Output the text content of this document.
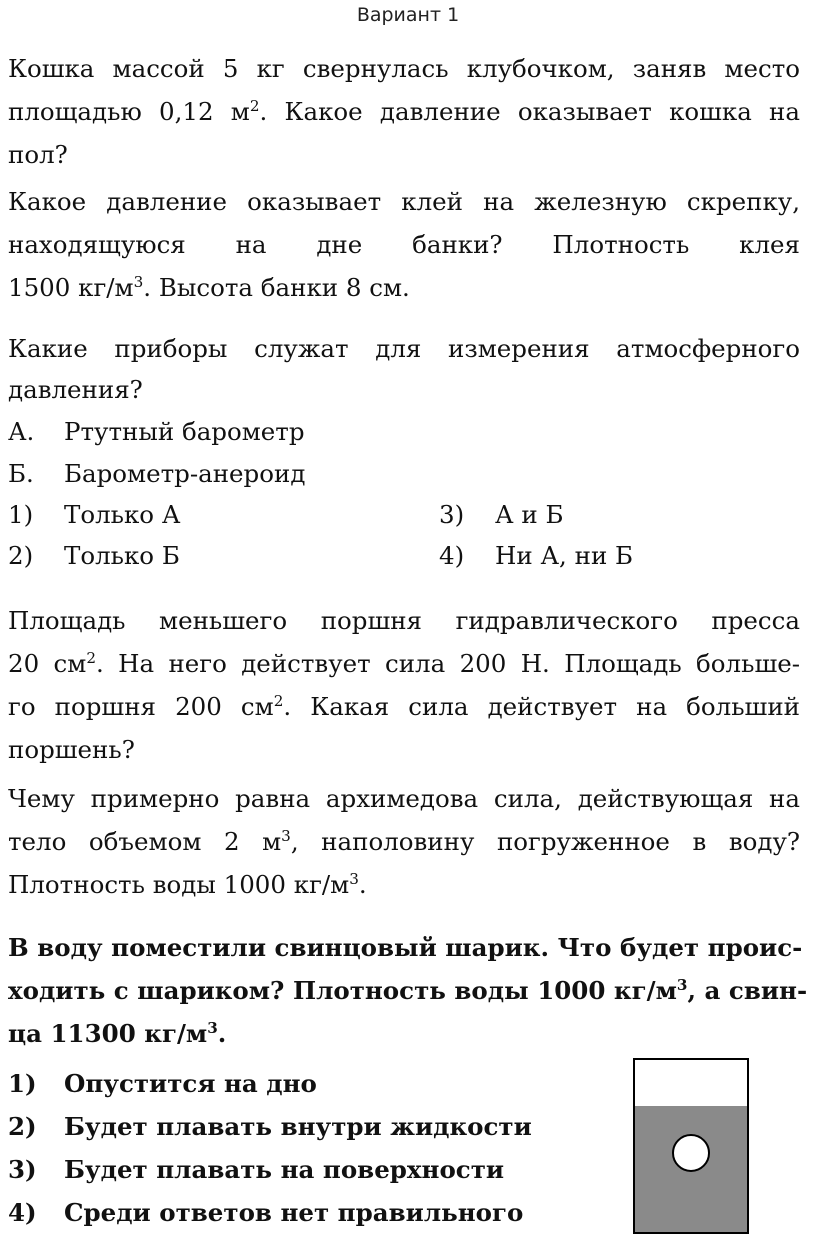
Вариант 1
Кошка массой 5 кг свернулась клубочком, заняв место
площадью 0,12 $м^2$. Какое давление оказывает кошка на
пол?
Какое давление оказывает клей на железную скрепку,
находящуюся на дне банки? Плотность клея
1500 $кг/м^3$. Высота банки 8 см.
Какие приборы служат для измерения атмосферного
давления?
А. Ртутный барометр
Б. Барометр-анероид
1) Только А
2) Только Б
3) А и Б
4) Ни А, ни Б
Площадь меньшего поршня гидравлического пресса
20 $см^2$. На него действует сила 200 Н. Площадь больше-
го поршня 200 $см^2$. Какая сила действует на больший
поршень?
Чему примерно равна архимедова сила, действующая на
тело объемом 2 $м^3$, наполовину погруженное в воду?
Плотность воды 1000 $кг/м^3$.
В воду поместили свинцовый шарик. Что будет проис-
ходить с шариком? Плотность воды 1000 $кг/м^3$, а свин-
ца 11300 $кг/м^3$.
1) Опустится на дно
2) Будет плавать внутри жидкости
3) Будет плавать на поверхности
4) Среди ответов нет правильного
